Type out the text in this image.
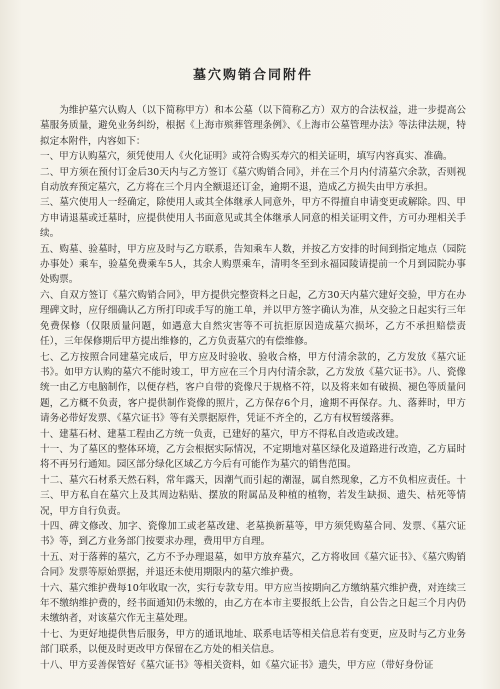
墓穴购销合同附件

为维护墓穴认购人（以下简称甲方）和本公墓（以下简称乙方）双方的合法权益，进一步提高公墓服务质量，避免业务纠纷，根据《上海市殡葬管理条例》、《上海市公墓管理办法》等法律法规，特拟定本附件，内容如下：

一、甲方认购墓穴，须凭使用人《火化证明》或符合购买寿穴的相关证明，填写内容真实、准确。

二、甲方须在预付订金后30天内与乙方签订《墓穴购销合同》，并在三个月内付清墓穴余款，否则视自动放弃预定墓穴，乙方将在三个月内全额退还订金，逾期不退，造成乙方损失由甲方承担。

三、墓穴使用人一经确定，除使用人或其全体继承人同意外，甲方不得擅自申请变更或解除。四、甲方申请退墓或迁墓时，应提供使用人书面意见或其全体继承人同意的相关证明文件，方可办理相关手续。

五、购墓、验墓时，甲方应及时与乙方联系，告知乘车人数，并按乙方安排的时间到指定地点（园院办事处）乘车，验墓免费乘车5人，其余人购票乘车，清明冬至到永福园陵请提前一个月到园院办事处购票。

六、自双方签订《墓穴购销合同》，甲方提供完整资料之日起，乙方30天内墓穴建好交验，甲方在办理碑文时，应仔细确认乙方所打印或手写的施工单，并以甲方签字确认为准，从交验之日起实行三年免费保修（仅限质量问题，如遇意大自然灾害等不可抗拒原因造成墓穴损坏，乙方不承担赔偿责任），三年保修期后甲方提出维修的，乙方负责墓穴的有偿维修。

七、乙方按照合同建墓完成后，甲方应及时验收、验收合格，甲方付清余款的，乙方发放《墓穴证书》。如甲方认购的墓穴不能时竣工，甲方应在三个月内付清余款，乙方发放《墓穴证书》。八、瓷像统一由乙方电脑制作，以便存档，客户自带的瓷像尺于规格不符，以及将来如有破损、褪色等质量问题，乙方概不负责，客户提供制作瓷像的照片，乙方保存6个月，逾期不再保存。九、落葬时，甲方请务必带好发票、《墓穴证书》等有关票据原件，凭证不齐全的，乙方有权暂缓落葬。

十、建墓石材、建墓工程由乙方统一负责，已建好的墓穴，甲方不得私自改造或改建。

十一、为了墓区的整体环境，乙方会根据实际情况，不定期地对墓区绿化及道路进行改造，乙方届时将不再另行通知。园区部分绿化区域乙方今后有可能作为墓穴的销售范围。

十二、墓穴石材系天然石料，常年露天，因潮气而引起的潮湿，属自然现象，乙方不负相应责任。十三、甲方私自在墓穴上及其周边粘贴、摆放的附属品及种植的植物，若发生缺损、遗失、枯死等情况，甲方自行负责。

十四、碑文修改、加字、瓷像加工或老墓改建、老墓换新墓等，甲方须凭购墓合同、发票、《墓穴证书》等，到乙方业务部门按要求办理，费用甲方自理。

十五、对于落葬的墓穴，乙方不予办理退墓，如甲方放弃墓穴，乙方将收回《墓穴证书》、《墓穴购销合同》发票等原始票据，并退还未使用期限内的墓穴维护费。

十六、墓穴维护费每10年收取一次，实行专款专用。甲方应当按期向乙方缴纳墓穴维护费，对连续三年不缴纳维护费的，经书面通知仍未缴的，由乙方在本市主要报纸上公告，自公告之日起三个月内仍未缴纳者，对该墓穴作无主墓处理。

十七、为更好地提供售后服务，甲方的通讯地址、联系电话等相关信息若有变更，应及时与乙方业务部门联系，以便及时更改甲方保留在乙方处的相关信息。

十八、甲方妥善保管好《墓穴证书》等相关资料，如《墓穴证书》遗失，甲方应（带好身份证
